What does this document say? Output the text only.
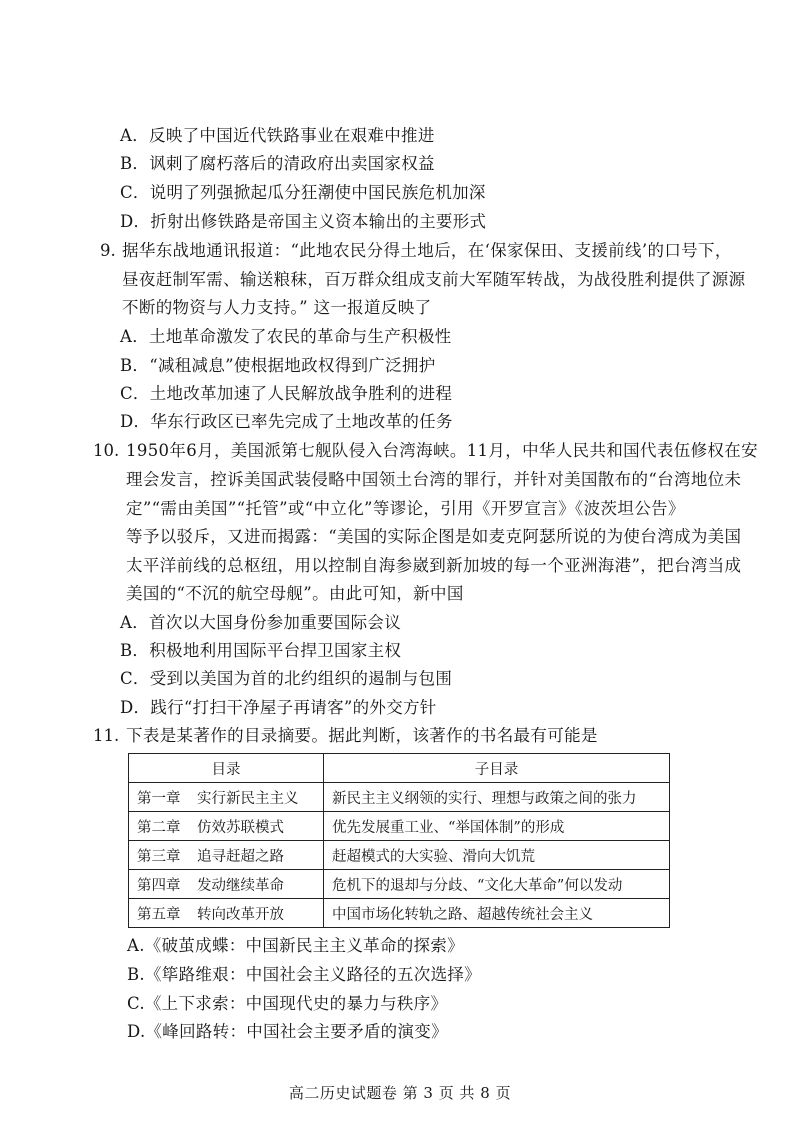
A．反映了中国近代铁路事业在艰难中推进
B．讽刺了腐朽落后的清政府出卖国家权益
C．说明了列强掀起瓜分狂潮使中国民族危机加深
D．折射出修铁路是帝国主义资本输出的主要形式
9. 据华东战地通讯报道：“此地农民分得土地后，在‘保家保田、支援前线’的口号下，
昼夜赶制军需、输送粮秣，百万群众组成支前大军随军转战，为战役胜利提供了源源
不断的物资与人力支持。” 这一报道反映了
A．土地革命激发了农民的革命与生产积极性
B．“减租减息”使根据地政权得到广泛拥护
C．土地改革加速了人民解放战争胜利的进程
D．华东行政区已率先完成了土地改革的任务
10. 1950年6月，美国派第七舰队侵入台湾海峡。11月，中华人民共和国代表伍修权在安
理会发言，控诉美国武装侵略中国领土台湾的罪行，并针对美国散布的“台湾地位未
定”“需由美国”“托管”或“中立化”等谬论，引用《开罗宣言》《波茨坦公告》
等予以驳斥，又进而揭露：“美国的实际企图是如麦克阿瑟所说的为使台湾成为美国
太平洋前线的总枢纽，用以控制自海参崴到新加坡的每一个亚洲海港”，把台湾当成
美国的“不沉的航空母舰”。由此可知，新中国
A．首次以大国身份参加重要国际会议
B．积极地利用国际平台捍卫国家主权
C．受到以美国为首的北约组织的遏制与包围
D．践行“打扫干净屋子再请客”的外交方针
11. 下表是某著作的目录摘要。据此判断，该著作的书名最有可能是
目录	子目录
第一章 实行新民主主义	新民主主义纲领的实行、理想与政策之间的张力
第二章 仿效苏联模式	优先发展重工业、“举国体制”的形成
第三章 追寻赶超之路	赶超模式的大实验、滑向大饥荒
第四章 发动继续革命	危机下的退却与分歧、“文化大革命”何以发动
第五章 转向改革开放	中国市场化转轨之路、超越传统社会主义
A.《破茧成蝶：中国新民主主义革命的探索》
B.《筚路维艰：中国社会主义路径的五次选择》
C.《上下求索：中国现代史的暴力与秩序》
D.《峰回路转：中国社会主要矛盾的演变》
高二历史试题卷 第 3 页 共 8 页
